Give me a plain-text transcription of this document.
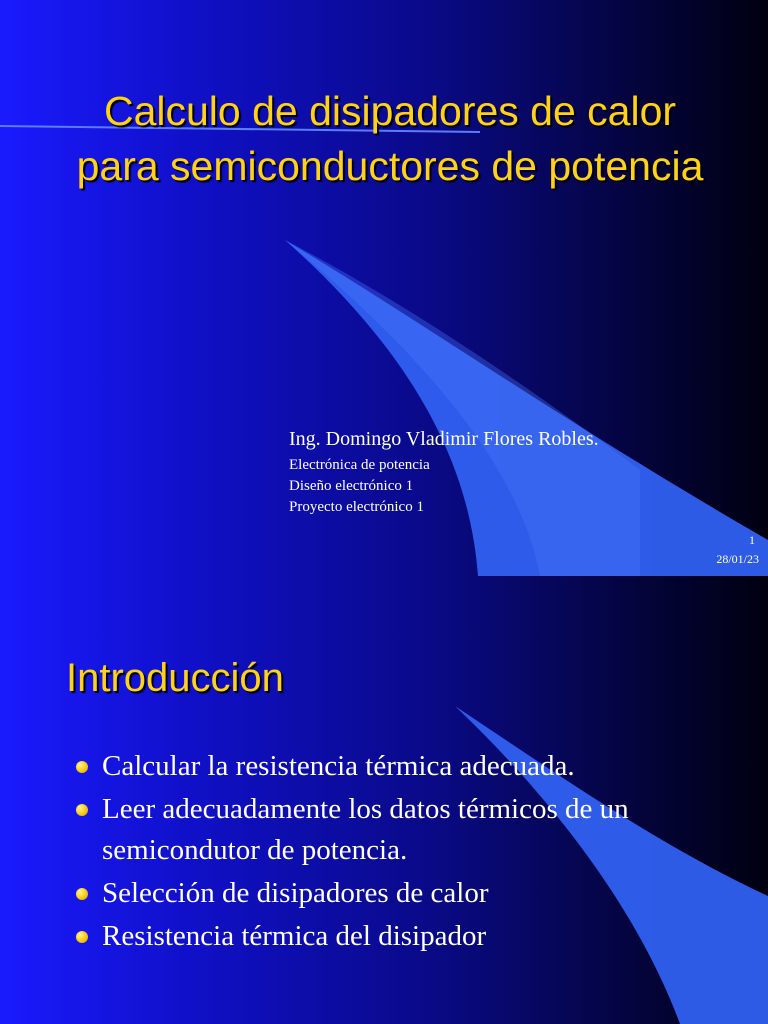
Calculo de disipadores de calor para semiconductores de potencia
Ing. Domingo Vladimir Flores Robles.
Electrónica de potencia
Diseño electrónico 1
Proyecto electrónico 1
1
28/01/23
Introducción
Calcular la resistencia térmica adecuada.
Leer adecuadamente los datos térmicos de un semicondutor de potencia.
Selección de disipadores de calor
Resistencia térmica del disipador
